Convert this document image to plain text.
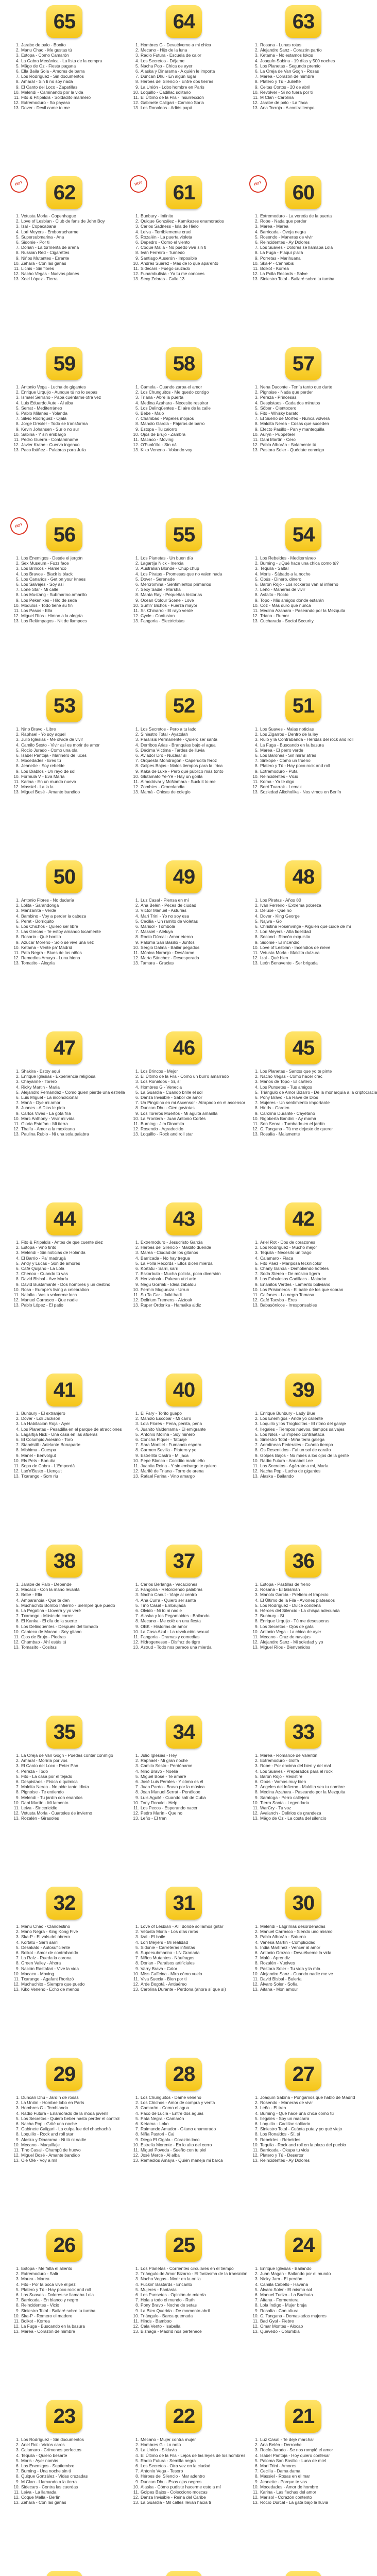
65
1. Jarabe de palo - Bonito
2. Manu Chao - Me gustas tú
3. Estopa - Como Camarón
4. La Cabra Mecánica - La lista de la compra
5. Mägo de Oz - Fiesta pagana
6. Ella Baila Sola - Amores de barra
7. Los Rodríguez - Sin documentos
8. Amaral - Sin ti no soy nada
9. El Canto del Loco - Zapatillas
10. Melendi - Caminando por la vida
11. Fito & Fitipaldis - Soldadito marinero
12. Extremoduro - So payaso
13. Dover - Devil came to me
64
1. Hombres G - Devuélveme a mi chica
2. Mecano - Hijo de la luna
3. Radio Futura - Escuela de calor
4. Los Secretos - Déjame
5. Nacha Pop - Chica de ayer
6. Alaska y Dinarama - A quién le importa
7. Duncan Dhu - En algún lugar
8. Héroes del Silencio - Entre dos tierras
9. La Unión - Lobo hombre en París
10. Loquillo - Cadillac solitario
11. El Último de la Fila - Insurrección
12. Gabinete Caligari - Camino Soria
13. Los Ronaldos - Adiós papá
63
1. Rosana - Lunas rotas
2. Alejandro Sanz - Corazón partío
3. Ketama - No estamos lokos
4. Joaquín Sabina - 19 días y 500 noches
5. Los Planetas - Segundo premio
6. La Oreja de Van Gogh - Rosas
7. Marea - Corazón de mimbre
8. Platero y Tú - Juliette
9. Celtas Cortos - 20 de abril
10. Revólver - Si no fuera por ti
11. M Clan - Carolina
12. Jarabe de palo - La flaca
13. Ana Torroja - A contratiempo
HOY	62
1. Vetusta Morla - Copenhague
2. Love of Lesbian - Club de fans de John Boy
3. Izal - Copacabana
4. Lori Meyers - Emborracharme
5. Supersubmarina - Ana
6. Sidonie - Por ti
7. Dorian - La tormenta de arena
8. Russian Red - Cigarettes
9. Niños Mutantes - Errante
10. Zahara - Con las ganas
11. Lichis - Sin flores
12. Nacho Vegas - Nuevos planes
13. Xoel López - Tierra
HOY	61
1. Bunbury - Infinito
2. Quique González - Kamikazes enamorados
3. Carlos Sadness - Isla de Hielo
4. Leiva - Terriblemente cruel
5. Rozalén - La puerta violeta
6. Depedro - Como el viento
7. Coque Malla - No puedo vivir sin ti
8. Iván Ferreiro - Turnedo
9. Santiago Auserón - Imposible
10. Andrés Suárez - Más de lo que aparento
11. Sidecars - Fuego cruzado
12. Funambulista - Ya tu me conoces
13. Sexy Zebras - Calle 13
HOY	60
1. Extremoduro - La vereda de la puerta
2. Robe - Nada que perder
3. Marea - Marea
4. Barricada - Oveja negra
5. Rosendo - Maneras de vivir
6. Reincidentes - Ay Dolores
7. Los Suaves - Dolores se llamaba Lola
8. La Fuga - P'aquí p'allá
9. Porretas - Marihuana
10. Ska-P - Cannabis
11. Boikot - Korrea
12. La Polla Records - Salve
13. Siniestro Total - Bailaré sobre tu tumba
59
1. Antonio Vega - Lucha de gigantes
2. Enrique Urquijo - Aunque tú no lo sepas
3. Ismael Serrano - Papá cuéntame otra vez
4. Luis Eduardo Aute - Al alba
5. Serrat - Mediterráneo
6. Pablo Milanés - Yolanda
7. Silvio Rodríguez - Ojalá
8. Jorge Drexler - Todo se transforma
9. Kevin Johansen - Sur o no sur
10. Sabina - Y sin embargo
11. Pedro Guerra - Contamíname
12. Javier Krahe - Cuervo ingenuo
13. Paco Ibáñez - Palabras para Julia
58
1. Camela - Cuando zarpa el amor
2. Los Chunguitos - Me quedo contigo
3. Triana - Abre la puerta
4. Medina Azahara - Necesito respirar
5. Los Delinqüentes - El aire de la calle
6. Bebe - Malo
7. Chambao - Papeles mojaos
8. Manolo García - Pájaros de barro
9. Estopa - Tu calorro
10. Ojos de Brujo - Zambra
11. Macaco - Moving
12. O'Funk'illo - Sin ná
13. Kiko Veneno - Volando voy
57
1. Nena Daconte - Tenía tanto que darte
2. Pignoise - Nada que perder
3. Pereza - Princesas
4. Despistaos - Cada dos minutos
5. Sôber - Cientocero
6. Fito - Whisky barato
7. El Sueño de Morfeo - Nunca volverá
8. Maldita Nerea - Cosas que suceden
9. Efecto Pasillo - Pan y mantequilla
10. Auryn - Puppeteer
11. Dani Martín - Cero
12. Pablo Alborán - Solamente tú
13. Pastora Soler - Quédate conmigo
HOY	56
1. Los Enemigos - Desde el jergón
2. Sex Museum - Fuzz face
3. Los Brincos - Flamenco
4. Los Bravos - Black is black
5. Los Canarios - Get on your knees
6. Los Salvajes - Soy así
7. Lone Star - Mi calle
8. Los Mustang - Submarino amarillo
9. Los Pekenikes - Hilo de seda
10. Módulos - Todo tiene su fin
11. Los Pasos - Ella
12. Miguel Ríos - Himno a la alegría
13. Los Relámpagos - Nit de llampecs
55
1. Los Planetas - Un buen día
2. Lagartija Nick - Inercia
3. Australian Blonde - Chup chup
4. Los Piratas - Promesas que no valen nada
5. Dover - Serenade
6. Mercromina - Sentimientos primarios
7. Sexy Sadie - Marsha
8. Manta Ray - Pequeñas historias
9. Ocean Colour Scene - Love
10. Surfin' Bichos - Fuerza mayor
11. Sr. Chinarro - El rayo verde
12. Cycle - Confusion
13. Fangoria - Electricistas
54
1. Los Rebeldes - Mediterráneo
2. Burning - ¿Qué hace una chica como tú?
3. Tequila - Salta!
4. Moris - Sábado a la noche
5. Obús - Dinero, dinero
6. Barón Rojo - Los rockeros van al infierno
7. Leño - Maneras de vivir
8. Asfalto - Rocío
9. Topo - Mis amigos dónde estarán
10. Coz - Más duro que nunca
11. Medina Azahara - Paseando por la Mezquita
12. Triana - Rumor
13. Cucharada - Social Security
53
1. Nino Bravo - Libre
2. Raphael - Yo soy aquel
3. Julio Iglesias - Me olvidé de vivir
4. Camilo Sesto - Vivir así es morir de amor
5. Rocío Jurado - Como una ola
6. Isabel Pantoja - Marinero de luces
7. Mocedades - Eres tú
8. Jeanette - Soy rebelde
9. Los Diablos - Un rayo de sol
10. Fórmula V - Eva María
11. Karina - En un mundo nuevo
12. Massiel - La la la
13. Miguel Bosé - Amante bandido
52
1. Los Secretos - Pero a tu lado
2. Siniestro Total - Ayatolah
3. Parálisis Permanente - Quiero ser santa
4. Derribos Arias - Branquias bajo el agua
5. Décima Víctima - Tardes de lluvia
6. Aviador Dro - Nuclear sí
7. Orquesta Mondragón - Caperucita feroz
8. Golpes Bajos - Malos tiempos para la lírica
9. Kaka de Luxe - Pero qué público más tonto
10. Glutamato Ye-Yé - Hay un gorila
11. Almodóvar y McNamara - Suck it to me
12. Zombies - Groenlandia
13. Mamá - Chicas de colegio
51
1. Los Suaves - Malas noticias
2. Los Zigarros - Dentro de la ley
3. Rulo y la Contrabanda - Heridas del rock and roll
4. La Fuga - Buscando en la basura
5. Marea - El perro verde
6. Los Barones - Sin mirar atrás
7. Sinkope - Como un trueno
8. Platero y Tú - Hay poco rock and roll
9. Extremoduro - Puta
10. Reincidentes - Vicio
11. Koma - Ya te digo
12. Berri Txarrak - Lemak
13. Soziedad Alkoholika - Nos vimos en Berlín
50
1. Antonio Flores - No dudaría
2. Lolita - Sarandonga
3. Manzanita - Verde
4. Bambino - Voy a perder la cabeza
5. Peret - Borriquito
6. Los Chichos - Quiero ser libre
7. Las Grecas - Te estoy amando locamente
8. Rosario - Qué bonito
9. Azúcar Moreno - Solo se vive una vez
10. Ketama - Vente pa' Madrid
11. Pata Negra - Blues de los niños
12. Remedios Amaya - Luna hiena
13. Tomatito - Alegría
49
1. Luz Casal - Piensa en mí
2. Ana Belén - Peces de ciudad
3. Víctor Manuel - Asturias
4. Mari Trini - Yo no soy esa
5. Cecilia - Un ramito de violetas
6. Marisol - Tómbola
7. Massiel - Aleluya
8. Rocío Dúrcal - Amor eterno
9. Paloma San Basilio - Juntos
10. Sergio Dalma - Bailar pegados
11. Mónica Naranjo - Desátame
12. Marta Sánchez - Desesperada
13. Tamara - Gracias
48
1. Los Piratas - Años 80
2. Iván Ferreiro - Extrema pobreza
3. Deluxe - Que no
4. Dover - King George
5. Najwa - Go
6. Christina Rosenvinge - Alguien que cuide de mí
7. Lori Meyers - Alta fidelidad
8. Second - Rincón exquisito
9. Sidonie - El incendio
10. Love of Lesbian - Incendios de nieve
11. Vetusta Morla - Maldita dulzura
12. Izal - Qué bien
13. León Benavente - Ser brigada
47
1. Shakira - Estoy aquí
2. Enrique Iglesias - Experiencia religiosa
3. Chayanne - Torero
4. Ricky Martin - María
5. Alejandro Fernández - Como quien pierde una estrella
6. Luis Miguel - La incondicional
7. Maná - Oye mi amor
8. Juanes - A Dios le pido
9. Carlos Vives - La gota fría
10. Marc Anthony - Vivir mi vida
11. Gloria Estefan - Mi tierra
12. Thalía - Amor a la mexicana
13. Paulina Rubio - Ni una sola palabra
46
1. Los Brincos - Mejor
2. El Último de la Fila - Como un burro amarrado
3. Los Ronaldos - Sí, sí
4. Hombres G - Venecia
5. La Guardia - Cuando brille el sol
6. Danza Invisible - Sabor de amor
7. Un Pingüino en mi Ascensor - Atrapado en el ascensor
8. Duncan Dhu - Cien gaviotas
9. Los Toreros Muertos - Mi agüita amarilla
10. La Frontera - Juan Antonio Cortés
11. Burning - Jim Dinamita
12. Rosendo - Agradecido
13. Loquillo - Rock and roll star
45
1. Los Planetas - Santos que yo te pinte
2. Nacho Vegas - Cómo hacer crac
3. Manos de Topo - El cartero
4. Los Punsetes - Tus amigos
5. Triángulo de Amor Bizarro - De la monarquía a la criptocracia
6. Pony Bravo - La Rave de Dios
7. Mujeres - Un sentimiento importante
8. Hinds - Garden
9. Carolina Durante - Cayetano
10. Rigoberta Bandini - Ay mamá
11. Sen Senra - Tumbado en el jardín
12. C. Tangana - Tú me dejaste de querer
13. Rosalía - Malamente
44
1. Fito & Fitipaldis - Antes de que cuente diez
2. Estopa - Vino tinto
3. Melendi - Sin noticias de Holanda
4. El Barrio - Pa' madrugá
5. Andy y Lucas - Son de amores
6. Café Quijano - La Lola
7. Chenoa - Cuando tú vas
8. David Bisbal - Ave María
9. David Bustamante - Dos hombres y un destino
10. Rosa - Europe's living a celebration
11. Natalia - Vas a volverme loca
12. Manuel Carrasco - Que nadie
13. Pablo López - El patio
43
1. Extremoduro - Jesucristo García
2. Héroes del Silencio - Maldito duende
3. Marea - Ciudad de los gitanos
4. Barricada - No hay tregua
5. La Polla Records - Ellos dicen mierda
6. Kortatu - Sarri, sarri
7. Eskorbuto - Mucha policía, poca diversión
8. Hertzainak - Pakean utzi arte
9. Negu Gorriak - Ideia zabaldu
10. Fermin Muguruza - Urrun
11. Su Ta Gar - Jaiki hadi
12. Delirium Tremens - Aiztoak
13. Ruper Ordorika - Hamaika aldiz
42
1. Ariel Rot - Dos de corazones
2. Los Rodríguez - Mucho mejor
3. Tequila - Necesito un trago
4. Calamaro - Flaca
5. Fito Páez - Mariposa tecknicolor
6. Charly García - Demoliendo hoteles
7. Soda Stereo - De música ligera
8. Los Fabulosos Cadillacs - Matador
9. Enanitos Verdes - Lamento boliviano
10. Los Prisioneros - El baile de los que sobran
11. Caifanes - La negra Tomasa
12. Café Tacvba - Eres
13. Babasónicos - Irresponsables
41
1. Bunbury - El extranjero
2. Dover - Loli Jackson
3. La Habitación Roja - Ayer
4. Los Planetas - Pesadilla en el parque de atracciones
5. Lagartija Nick - Una casa en las afueras
6. El Columpio Asesino - Toro
7. Standstill - Adelante Bonaparte
8. Mishima - Guespa
9. Manel - Benvolgut
10. Els Pets - Bon dia
11. Sopa de Cabra - L'Empordà
12. Lax'n'Busto - Llença't
13. Txarango - Som riu
40
1. El Fary - Torito guapo
2. Manolo Escobar - Mi carro
3. Lola Flores - Pena, penita, pena
4. Juanito Valderrama - El emigrante
5. Antonio Molina - Soy minero
6. Concha Piquer - Tatuaje
7. Sara Montiel - Fumando espero
8. Carmen Sevilla - Platero y yo
9. Estrellita Castro - Mi jaca
10. Pepe Blanco - Cocidito madrileño
11. Juanita Reina - Y sin embargo te quiero
12. Marifé de Triana - Torre de arena
13. Rafael Farina - Vino amargo
39
1. Enrique Bunbury - Lady Blue
2. Los Enemigos - Ande yo caliente
3. Loquillo y los Trogloditas - El ritmo del garaje
4. Ilegales - Tiempos nuevos, tiempos salvajes
5. Los Nikis - El imperio contraataca
6. Siniestro Total - Miña terra galega
7. Aerolíneas Federales - Cuánto tiempo
8. Os Resentidos - Fai un sol de carallo
9. Golpes Bajos - No mires a los ojos de la gente
10. Radio Futura - Annabel Lee
11. Los Secretos - Agárrate a mí, María
12. Nacha Pop - Lucha de gigantes
13. Alaska - Bailando
38
1. Jarabe de Palo - Depende
2. Macaco - Con la mano levantá
3. Bebe - Ella
4. Amparanoia - Que te den
5. Muchachito Bombo Infierno - Siempre que puedo
6. La Pegatina - Lloverá y yo veré
7. Txarango - Músic de carrer
8. El Kanka - El día de la suerte
9. Los Delinqüentes - Después del tornado
10. Canteca de Macao - Soy gitano
11. Ojos de Brujo - Piedras
12. Chambao - Ahí estás tú
13. Tomasito - Cositas
37
1. Carlos Berlanga - Vacaciones
2. Fangoria - Retorciendo palabras
3. Nacho Canut - Viaje al centro
4. Ana Curra - Quiero ser santa
5. Tino Casal - Embrujada
6. Olvido - Ni tú ni nadie
7. Alaska y los Pegamoides - Bailando
8. Mecano - Me colé en una fiesta
9. OBK - Historias de amor
10. La Casa Azul - La revolución sexual
11. Fangoria - Dramas y comedias
12. Hidrogenesse - Disfraz de tigre
13. Astrud - Todo nos parece una mierda
36
1. Estopa - Pastillas de freno
2. Rosana - El talismán
3. Manolo García - Prefiero el trapecio
4. El Último de la Fila - Aviones plateados
5. Los Rodríguez - Dulce condena
6. Héroes del Silencio - La chispa adecuada
7. Bunbury - Sí
8. Enrique Urquijo - Tú me desesperas
9. Los Secretos - Ojos de gata
10. Antonio Vega - La chica de ayer
11. Mecano - Cruz de navajas
12. Alejandro Sanz - Mi soledad y yo
13. Miguel Ríos - Bienvenidos
35
1. La Oreja de Van Gogh - Puedes contar conmigo
2. Amaral - Moriría por vos
3. El Canto del Loco - Peter Pan
4. Pereza - Todo
5. Fito - La casa por el tejado
6. Despistaos - Física o química
7. Maldita Nerea - No pide tanto idiota
8. Pignoise - Te entiendo
9. Melendi - Tu jardín con enanitos
10. Dani Martín - Mi lamento
11. Leiva - Sincericidio
12. Vetusta Morla - Cuarteles de invierno
13. Rozalén - Girasoles
34
1. Julio Iglesias - Hey
2. Raphael - Mi gran noche
3. Camilo Sesto - Perdóname
4. Nino Bravo - Noelia
5. Miguel Bosé - Te amaré
6. José Luis Perales - Y cómo es él
7. Juan Pardo - Bravo por la música
8. Joan Manuel Serrat - Penélope
9. Luis Aguilé - Cuando salí de Cuba
10. Tony Ronald - Help
11. Los Pecos - Esperando nacer
12. Pedro Marín - Que no
13. Leño - El tren
33
1. Marea - Romance de Valentín
2. Extremoduro - Golfa
3. Robe - Por encima del bien y del mal
4. Los Suaves - Preparados para el rock
5. Barón Rojo - Resistiré
6. Obús - Vamos muy bien
7. Ángeles del Infierno - Maldito sea tu nombre
8. Medina Azahara - Paseando por la Mezquita
9. Saratoga - Perro callejero
10. Tierra Santa - Legendaria
11. WarCry - Tu voz
12. Avalanch - Delirios de grandeza
13. Mägo de Oz - La costa del silencio
32
1. Manu Chao - Clandestino
2. Mano Negra - King Kong Five
3. Ska-P - El vals del obrero
4. Kortatu - Sarri sarri
5. Desakato - Autosuficiente
6. Boikot - Amor de contrabando
7. La Raíz - Rueda la corona
8. Green Valley - Ahora
9. Nación Rastafari - Vive la vida
10. Macaco - Moving
11. Txarango - Agafant l'horitzó
12. Muchachito - Siempre que puedo
13. Kiko Veneno - Echo de menos
31
1. Love of Lesbian - Allí donde solíamos gritar
2. Vetusta Morla - Los días raros
3. Izal - El baile
4. Lori Meyers - Mi realidad
5. Sidonie - Carreteras infinitas
6. Supersubmarina - LN Granada
7. Niños Mutantes - Náufragos
8. Dorian - Paraísos artificiales
9. Varry Brava - Calor
10. Miss Caffeina - Mira cómo vuelo
11. Viva Suecia - Bien por ti
12. Arde Bogotá - Antiaéreo
13. Carolina Durante - Perdona (ahora sí que sí)
30
1. Melendi - Lágrimas desordenadas
2. Manuel Carrasco - Siendo uno mismo
3. Pablo Alborán - Saturno
4. Vanesa Martín - Complicidad
5. India Martínez - Vencer al amor
6. Antonio Orozco - Devuélveme la vida
7. Malú - Aprendiz
8. Rozalén - Vuelves
9. Pastora Soler - Tu vida y la mía
10. Alejandro Sanz - Cuando nadie me ve
11. David Bisbal - Bulería
12. Álvaro Soler - Sofía
13. Aitana - Mon amour
29
1. Duncan Dhu - Jardín de rosas
2. La Unión - Hombre lobo en París
3. Hombres G - Temblando
4. Radio Futura - Enamorado de la moda juvenil
5. Los Secretos - Quiero beber hasta perder el control
6. Nacha Pop - Grité una noche
7. Gabinete Caligari - La culpa fue del chachachá
8. Loquillo - Rock and roll star
9. Alaska y Dinarama - Ni tú ni nadie
10. Mecano - Maquillaje
11. Tino Casal - Champú de huevo
12. Miguel Bosé - Amante bandido
13. Olé Olé - Voy a mil
28
1. Los Chunguitos - Dame veneno
2. Los Chichos - Amor de compra y venta
3. Camarón - Como el agua
4. Paco de Lucía - Entre dos aguas
5. Pata Negra - Camarón
6. Ketama - Loko
7. Raimundo Amador - Gitano enamorado
8. Niña Pastori - Cai
9. Diego El Cigala - Corazón loco
10. Estrella Morente - En lo alto del cerro
11. Miguel Poveda - Sueño con tu piel
12. José Mercé - Al alba
13. Remedios Amaya - Quién maneja mi barca
27
1. Joaquín Sabina - Pongamos que hablo de Madrid
2. Rosendo - Maneras de vivir
3. Leño - El tren
4. Burning - Qué hace una chica como tú
5. Ilegales - Soy un macarra
6. Loquillo - Cadillac solitario
7. Siniestro Total - Cuánta puta y yo qué viejo
8. Los Ronaldos - Sí, sí
9. Rebeldes - Rebeldes
10. Tequila - Rock and roll en la plaza del pueblo
11. Barricada - Okupa tu vida
12. Platero y Tú - Desertor
13. Reincidentes - Ay Dolores
26
1. Estopa - Me falta el aliento
2. Extremoduro - Salir
3. Marea - Marea
4. Fito - Por la boca vive el pez
5. Platero y Tú - Hay poco rock and roll
6. Los Suaves - Dolores se llamaba Lola
7. Barricada - En blanco y negro
8. Reincidentes - Vicio
9. Siniestro Total - Bailaré sobre tu tumba
10. Ska-P - Romero el madero
11. Boikot - Korrea
12. La Fuga - Buscando en la basura
13. Marea - Corazón de mimbre
25
1. Los Planetas - Corrientes circulares en el tiempo
2. Triángulo de Amor Bizarro - El fantasma de la transición
3. Nacho Vegas - Morir en la orilla
4. Fuckin' Bastards - Encanto
5. Mujeres - Fantasía
6. Los Punsetes - Opinión de mierda
7. Hola a todo el mundo - Ruth
8. Pony Bravo - Noche de setas
9. La Bien Querida - De momento abril
10. Triángulo - Barca quemada
11. Hinds - Bamboo
12. Cala Vento - Isabella
13. Biznaga - Madrid nos pertenece
24
1. Enrique Iglesias - Bailando
2. Juan Magan - Bailando por el mundo
3. Nicky Jam - El perdón
4. Camila Cabello - Havana
5. Álvaro Soler - El mismo sol
6. Manuel Turizo - La Bachata
7. Aitana - Formentera
8. Lola Índigo - Mujer bruja
9. Rosalía - Con altura
10. C. Tangana - Demasiadas mujeres
11. Bad Gyal - Fiebre
12. Omar Montes - Alocao
13. Quevedo - Columbia
23
1. Los Rodríguez - Sin documentos
2. Ariel Rot - Vicios caros
3. Calamaro - Crímenes perfectos
4. Tequila - Quiero besarte
5. Moris - Ayer nomás
6. Los Enemigos - Septiembre
7. Burning - Una noche sin ti
8. Quique González - Vidas cruzadas
9. M Clan - Llamando a la tierra
10. Sidecars - Contra las cuerdas
11. Leiva - La llamada
12. Coque Malla - Berlín
13. Zahara - Con las ganas
22
1. Mecano - Mujer contra mujer
2. Hombres G - Lo noto
3. La Unión - Sildavia
4. El Último de la Fila - Lejos de las leyes de los hombres
5. Radio Futura - Semilla negra
6. Los Secretos - Otra vez en la ciudad
7. Antonio Vega - Tesoro
8. Héroes del Silencio - Mar adentro
9. Duncan Dhu - Esos ojos negros
10. Alaska - Cómo pudiste hacerme esto a mí
11. Golpes Bajos - Colecciono moscas
12. Danza Invisible - Reina del Caribe
13. La Guardia - Mil calles llevan hacia ti
21
1. Luz Casal - Te dejé marchar
2. Ana Belén - Derroche
3. Rocío Jurado - Se nos rompió el amor
4. Isabel Pantoja - Hoy quiero confesar
5. Paloma San Basilio - Luna de miel
6. Mari Trini - Amores
7. Cecilia - Dama dama
8. Massiel - Rosas en el mar
9. Jeanette - Porque te vas
10. Mocedades - Amor de hombre
11. Karina - Las flechas del amor
12. Marisol - Corazón contento
13. Rocío Dúrcal - La gata bajo la lluvia
